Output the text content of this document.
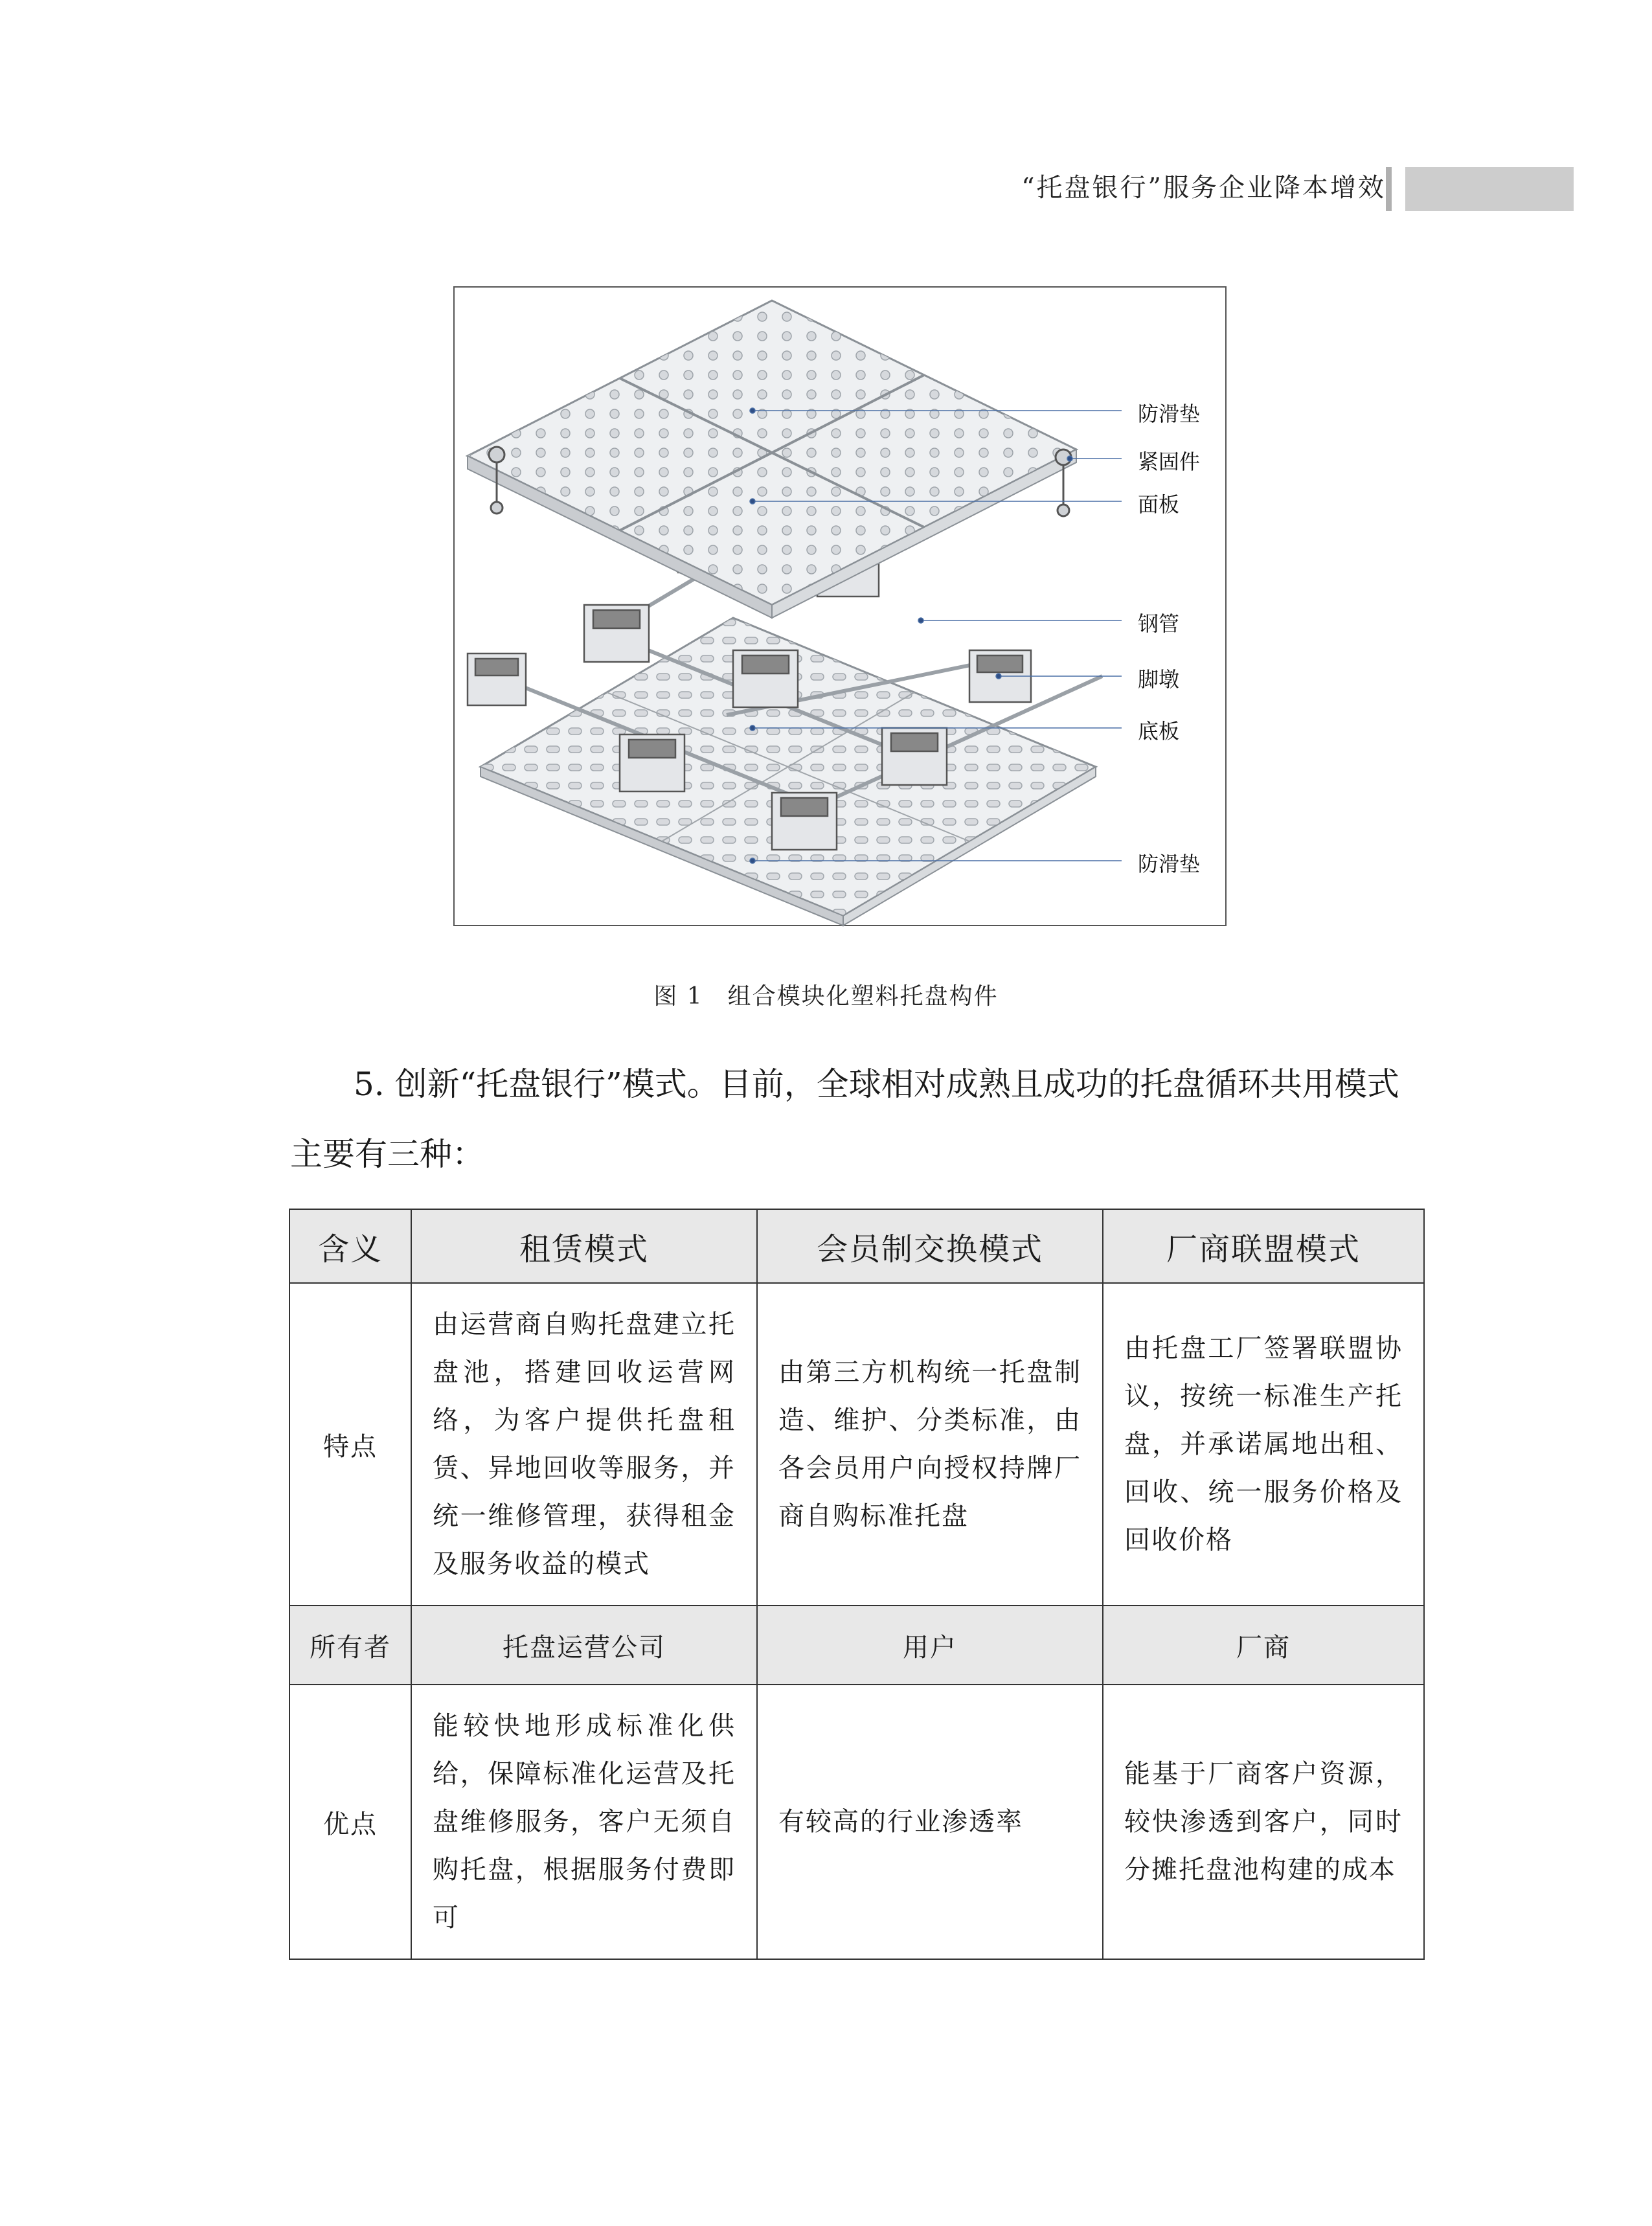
“托盘银行”服务企业降本增效
防滑垫
紧固件
面板
钢管
脚墩
底板
防滑垫
图 1　组合模块化塑料托盘构件
5. 创新“托盘银行”模式。目前，全球相对成熟且成功的托盘循环共用模式主要有三种：
含义	租赁模式	会员制交换模式	厂商联盟模式
特点	由运营商自购托盘建立托盘池，搭建回收运营网络，为客户提供托盘租赁、异地回收等服务，并统一维修管理，获得租金及服务收益的模式	由第三方机构统一托盘制造、维护、分类标准，由各会员用户向授权持牌厂商自购标准托盘	由托盘工厂签署联盟协议，按统一标准生产托盘，并承诺属地出租、回收、统一服务价格及回收价格
所有者	托盘运营公司	用户	厂商
优点	能较快地形成标准化供给，保障标准化运营及托盘维修服务，客户无须自购托盘，根据服务付费即可	有较高的行业渗透率	能基于厂商客户资源，较快渗透到客户，同时分摊托盘池构建的成本
